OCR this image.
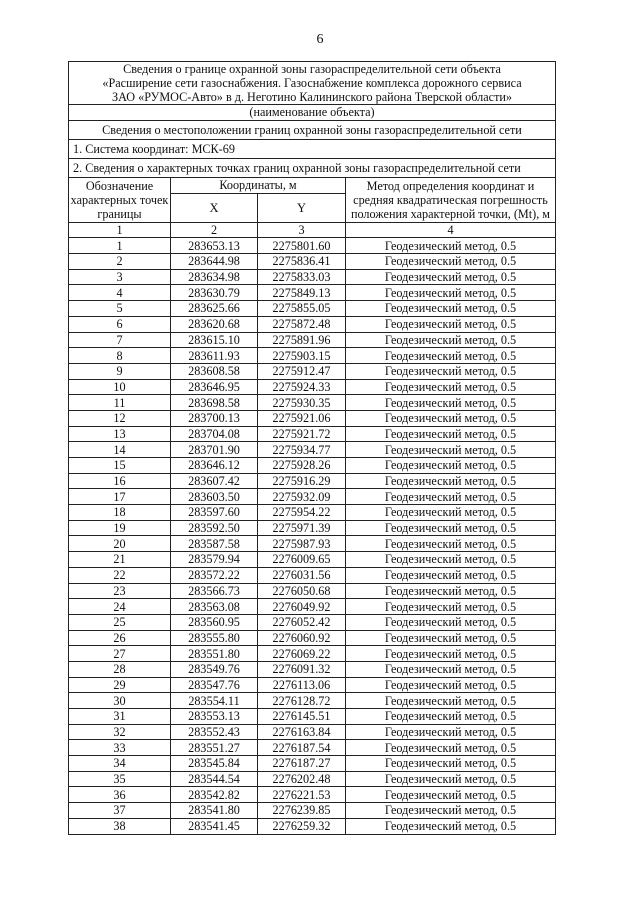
6
Сведения о границе охранной зоны газораспределительной сети объекта
«Расширение сети газоснабжения. Газоснабжение комплекса дорожного сервиса
ЗАО «РУМОС-Авто» в д. Неготино Калининского района Тверской области»			

(наименование объекта)			
Сведения о местоположении границ охранной зоны газораспределительной сети			
1. Система координат: МСК-69			
2. Сведения о характерных точках границ охранной зоны газораспределительной сети			
Обозначение характерных точек границы	Координаты, м		Метод определения координат и средняя квадратическая погрешность положения характерной точки, (Mt), м
	X	Y	
1	2	3	4
1	283653.13	2275801.60	Геодезический метод, 0.5
2	283644.98	2275836.41	Геодезический метод, 0.5
3	283634.98	2275833.03	Геодезический метод, 0.5
4	283630.79	2275849.13	Геодезический метод, 0.5
5	283625.66	2275855.05	Геодезический метод, 0.5
6	283620.68	2275872.48	Геодезический метод, 0.5
7	283615.10	2275891.96	Геодезический метод, 0.5
8	283611.93	2275903.15	Геодезический метод, 0.5
9	283608.58	2275912.47	Геодезический метод, 0.5
10	283646.95	2275924.33	Геодезический метод, 0.5
11	283698.58	2275930.35	Геодезический метод, 0.5
12	283700.13	2275921.06	Геодезический метод, 0.5
13	283704.08	2275921.72	Геодезический метод, 0.5
14	283701.90	2275934.77	Геодезический метод, 0.5
15	283646.12	2275928.26	Геодезический метод, 0.5
16	283607.42	2275916.29	Геодезический метод, 0.5
17	283603.50	2275932.09	Геодезический метод, 0.5
18	283597.60	2275954.22	Геодезический метод, 0.5
19	283592.50	2275971.39	Геодезический метод, 0.5
20	283587.58	2275987.93	Геодезический метод, 0.5
21	283579.94	2276009.65	Геодезический метод, 0.5
22	283572.22	2276031.56	Геодезический метод, 0.5
23	283566.73	2276050.68	Геодезический метод, 0.5
24	283563.08	2276049.92	Геодезический метод, 0.5
25	283560.95	2276052.42	Геодезический метод, 0.5
26	283555.80	2276060.92	Геодезический метод, 0.5
27	283551.80	2276069.22	Геодезический метод, 0.5
28	283549.76	2276091.32	Геодезический метод, 0.5
29	283547.76	2276113.06	Геодезический метод, 0.5
30	283554.11	2276128.72	Геодезический метод, 0.5
31	283553.13	2276145.51	Геодезический метод, 0.5
32	283552.43	2276163.84	Геодезический метод, 0.5
33	283551.27	2276187.54	Геодезический метод, 0.5
34	283545.84	2276187.27	Геодезический метод, 0.5
35	283544.54	2276202.48	Геодезический метод, 0.5
36	283542.82	2276221.53	Геодезический метод, 0.5
37	283541.80	2276239.85	Геодезический метод, 0.5
38	283541.45	2276259.32	Геодезический метод, 0.5
